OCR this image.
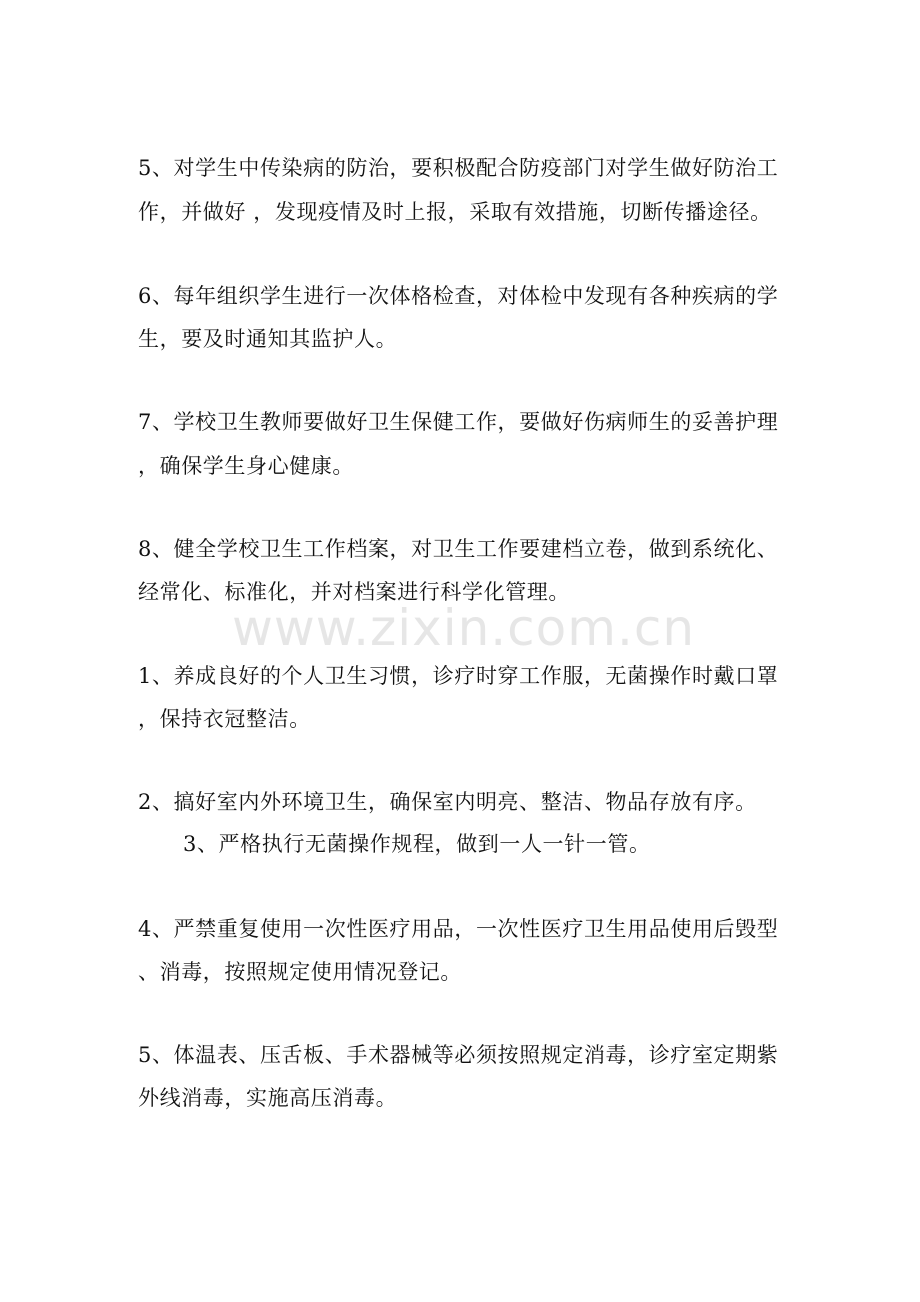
www.zixin.com.cn
5、对学生中传染病的防治，要积极配合防疫部门对学生做好防治工
作，并做好 ，发现疫情及时上报，采取有效措施，切断传播途径。
6、每年组织学生进行一次体格检查，对体检中发现有各种疾病的学
生，要及时通知其监护人。
7、学校卫生教师要做好卫生保健工作，要做好伤病师生的妥善护理
，确保学生身心健康。
8、健全学校卫生工作档案，对卫生工作要建档立卷，做到系统化、
经常化、标准化，并对档案进行科学化管理。
1、养成良好的个人卫生习惯，诊疗时穿工作服，无菌操作时戴口罩
，保持衣冠整洁。
2、搞好室内外环境卫生，确保室内明亮、整洁、物品存放有序。
3、严格执行无菌操作规程，做到一人一针一管。
4、严禁重复使用一次性医疗用品，一次性医疗卫生用品使用后毁型
、消毒，按照规定使用情况登记。
5、体温表、压舌板、手术器械等必须按照规定消毒，诊疗室定期紫
外线消毒，实施高压消毒。
